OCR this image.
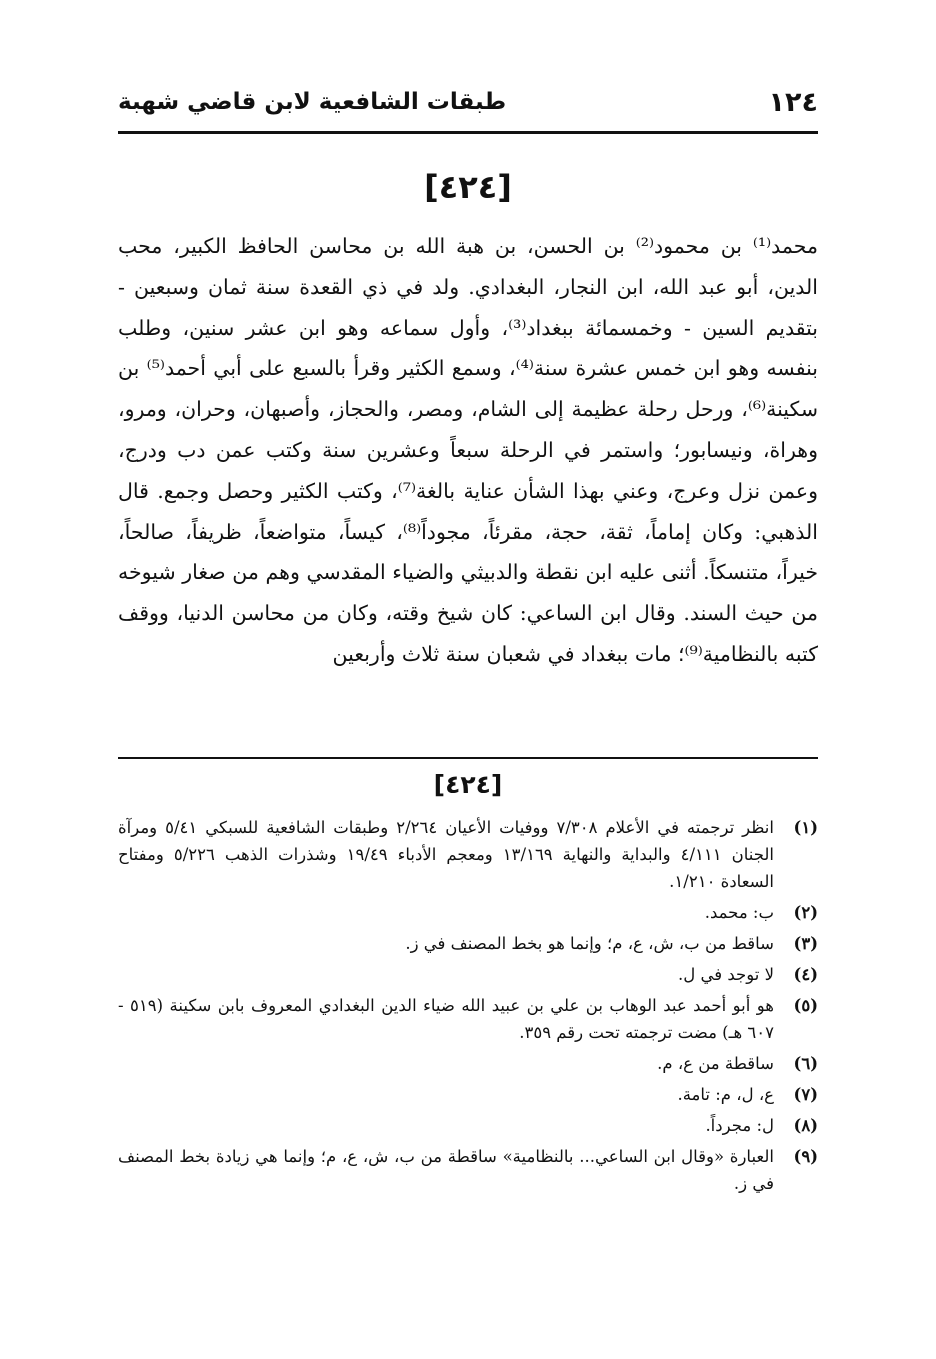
١٢٤
طبقات الشافعية لابن قاضي شهبة
[٤٢٤]

محمد⁽¹⁾ بن محمود⁽²⁾ بن الحسن، بن هبة الله بن محاسن الحافظ الكبير، محب الدين، أبو عبد الله، ابن النجار، البغدادي. ولد في ذي القعدة سنة ثمان وسبعين - بتقديم السين - وخمسمائة ببغداد⁽³⁾، وأول سماعه وهو ابن عشر سنين، وطلب بنفسه وهو ابن خمس عشرة سنة⁽⁴⁾، وسمع الكثير وقرأ بالسبع على أبي أحمد⁽⁵⁾ بن سكينة⁽⁶⁾، ورحل رحلة عظيمة إلى الشام، ومصر، والحجاز، وأصبهان، وحران، ومرو، وهراة، ونيسابور؛ واستمر في الرحلة سبعاً وعشرين سنة وكتب عمن دب ودرج، وعمن نزل وعرج، وعني بهذا الشأن عناية بالغة⁽⁷⁾، وكتب الكثير وحصل وجمع. قال الذهبي: وكان إماماً، ثقة، حجة، مقرئاً، مجوداً⁽⁸⁾، كيساً، متواضعاً، ظريفاً، صالحاً، خيراً، متنسكاً. أثنى عليه ابن نقطة والدبيثي والضياء المقدسي وهم من صغار شيوخه من حيث السند. وقال ابن الساعي: كان شيخ وقته، وكان من محاسن الدنيا، ووقف كتبه بالنظامية⁽⁹⁾؛ مات ببغداد في شعبان سنة ثلاث وأربعين

[٤٢٤]
(١)
انظر ترجمته في الأعلام ٧/٣٠٨ ووفيات الأعيان ٢/٢٦٤ وطبقات الشافعية للسبكي ٥/٤١ ومرآة الجنان ٤/١١١ والبداية والنهاية ١٣/١٦٩ ومعجم الأدباء ١٩/٤٩ وشذرات الذهب ٥/٢٢٦ ومفتاح السعادة ١/٢١٠.
(٢)
ب: محمد.
(٣)
ساقط من ب، ش، ع، م؛ وإنما هو بخط المصنف في ز.
(٤)
لا توجد في ل.
(٥)
هو أبو أحمد عبد الوهاب بن علي بن عبيد الله ضياء الدين البغدادي المعروف بابن سكينة (٥١٩ - ٦٠٧ هـ) مضت ترجمته تحت رقم ٣٥٩.
(٦)
ساقطة من ع، م.
(٧)
ع، ل، م: تامة.
(٨)
ل: مجرداً.
(٩)
العبارة «وقال ابن الساعي... بالنظامية» ساقطة من ب، ش، ع، م؛ وإنما هي زيادة بخط المصنف في ز.
